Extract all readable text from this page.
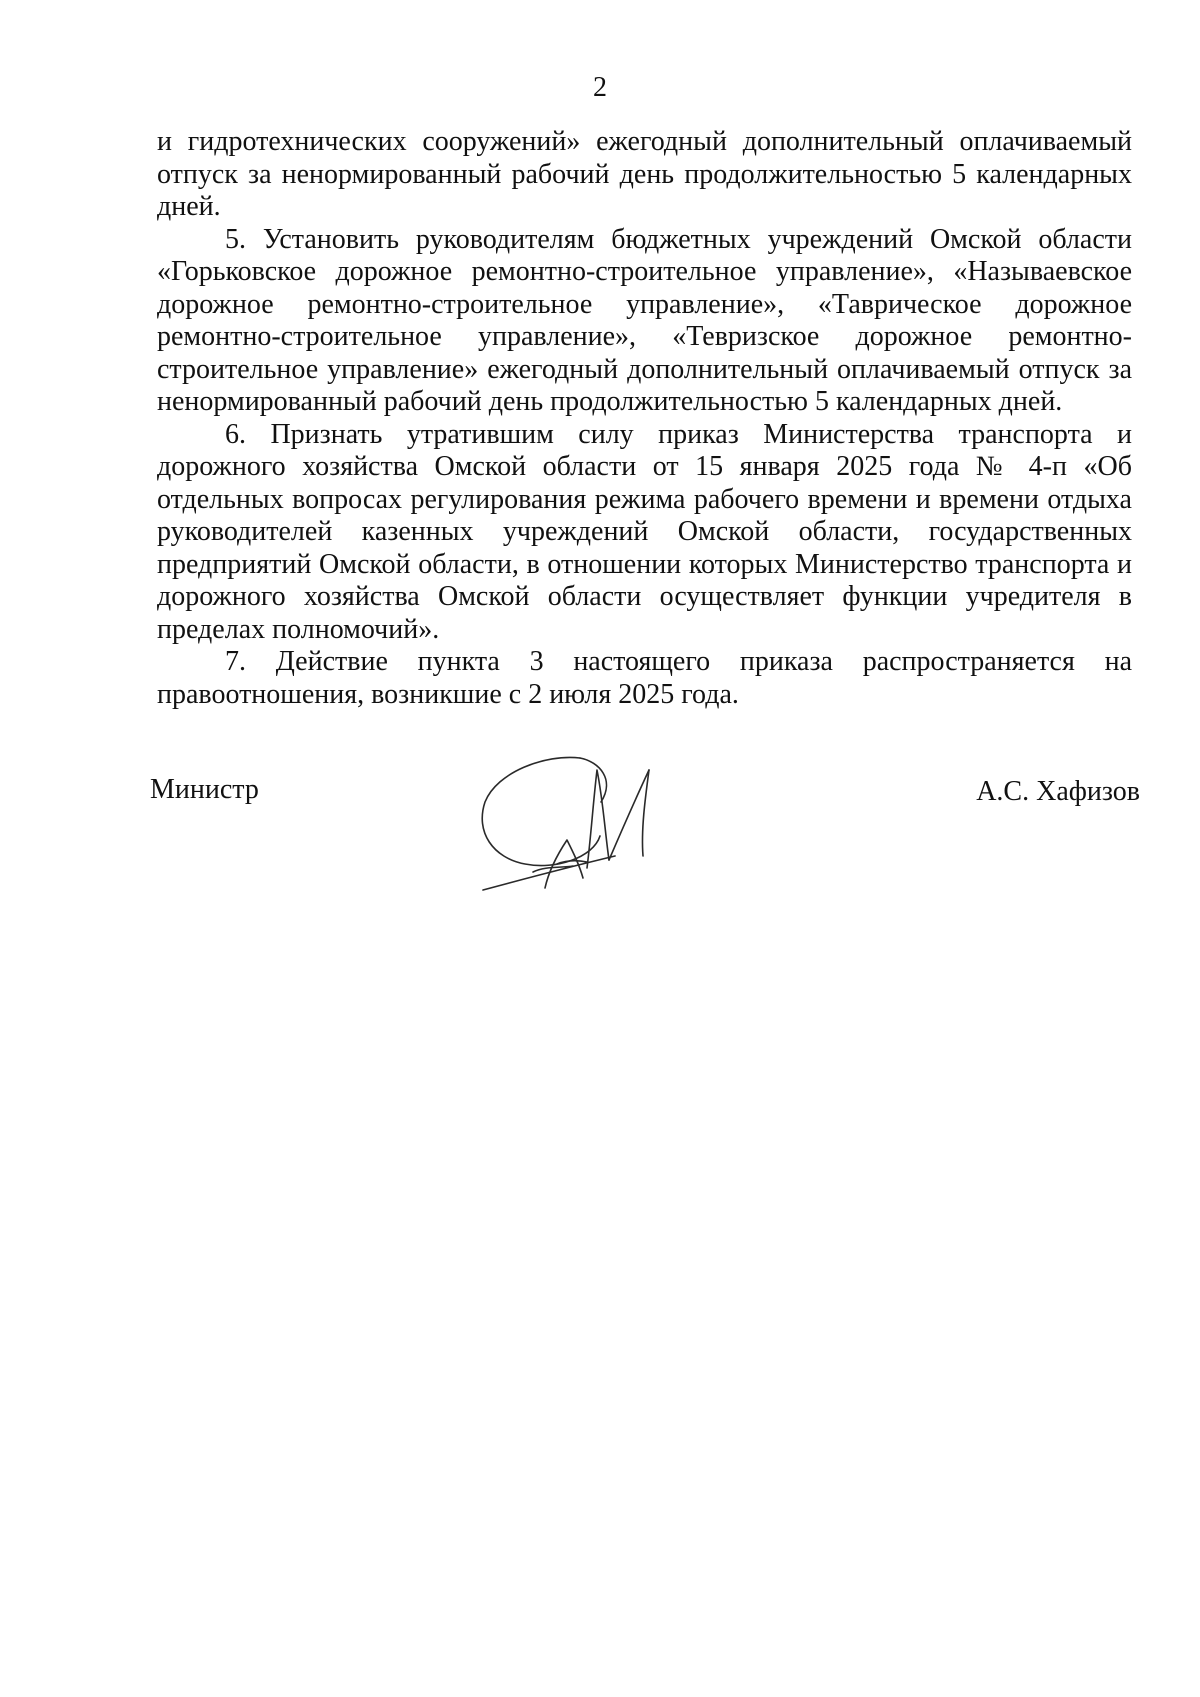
2

и гидротехнических сооружений» ежегодный дополнительный оплачиваемый отпуск за ненормированный рабочий день продолжительностью 5 календарных дней.

5. Установить руководителям бюджетных учреждений Омской области «Горьковское дорожное ремонтно-строительное управление», «Называевское дорожное ремонтно-строительное управление», «Таврическое дорожное ремонтно-строительное управление», «Тевризское дорожное ремонтно-строительное управление» ежегодный дополнительный оплачиваемый отпуск за ненормированный рабочий день продолжительностью 5 календарных дней.

6. Признать утратившим силу приказ Министерства транспорта и дорожного хозяйства Омской области от 15 января 2025 года № 4-п «Об отдельных вопросах регулирования режима рабочего времени и времени отдыха руководителей казенных учреждений Омской области, государственных предприятий Омской области, в отношении которых Министерство транспорта и дорожного хозяйства Омской области осуществляет функции учредителя в пределах полномочий».

7. Действие пункта 3 настоящего приказа распространяется на правоотношения, возникшие с 2 июля 2025 года.

Министр	А.С. Хафизов
